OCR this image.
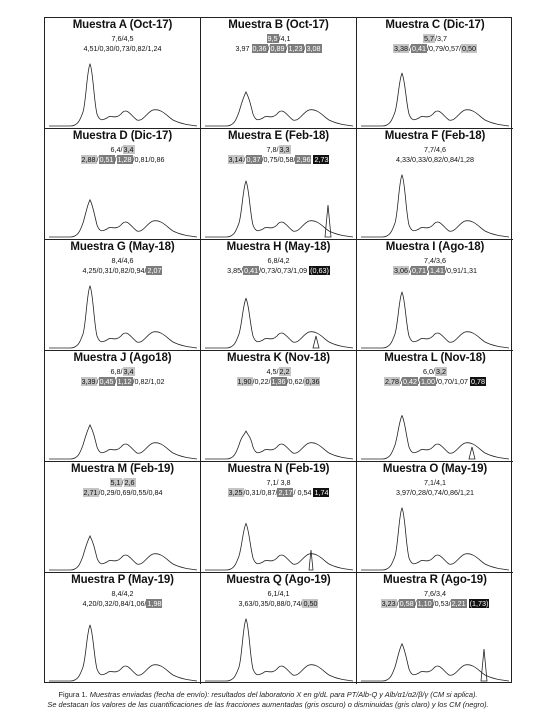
Muestra A (Oct-17)
7,6/4,5
4,51/0,30/0,73/0,82/1,24
Muestra B (Oct-17)
9,5/4,1
3,97 0,36/0,89/1,23/3,08
Muestra C (Dic-17)
5,7/3,7
3,38 0,41/0,79/0,57/0,50
Muestra D (Dic-17)
6,4/3,4
2,88/0,51/1,28/0,81/0,86
Muestra E (Feb-18)
7,8/3,3
3,14/0,37/0,75/0,58/2,96 2,73
Muestra F (Feb-18)
7,7/4,6
4,33/0,33/0,82/0,84/1,28
Muestra G (May-18)
8,4/4,6
4,25/0,31/0,82/0,94/2,07
Muestra H (May-18)
6,8/4,2
3,85/0,41/0,73/0,73/1,09 (0,63)
Muestra I (Ago-18)
7,4/3,6
3,06/0,71/1,41/0,91/1,31
Muestra J (Ago18)
6,8/3,4
3,39/0,45/1,12/0,82/1,02
Muestra K (Nov-18)
4,5/2,2
1,90/0,22/1,36/0,62/0,36
Muestra L (Nov-18)
6,0/3,2
2,78 0,42 1,00/0,70/1,07 0,78
Muestra M (Feb-19)
5,1/2,6
2,71/0,29/0,69/0,55/0,84
Muestra N (Feb-19)
7,1/ 3,8
3,25/0,31/0,87/2,17/ 0,54 1,74
Muestra O (May-19)
7,1/4,1
3,97/0,28/0,74/0,86/1,21
Muestra P (May-19)
8,4/4,2
4,20/0,32/0,84/1,06/1,98
Muestra Q (Ago-19)
6,1/4,1
3,63/0,35/0,88/0,74/0,50
Muestra R (Ago-19)
7,6/3,4
3,23/0,58/1,10/0,53/2,21 (1,73)
Figura 1. Muestras enviadas (fecha de envío): resultados del laboratorio X en g/dL para PT/Alb-Q y Alb/α1/α2/β/γ (CM si aplica).
Se destacan los valores de las cuantificaciones de las fracciones aumentadas (gris oscuro) o disminuidas (gris claro) y los CM (negro).
